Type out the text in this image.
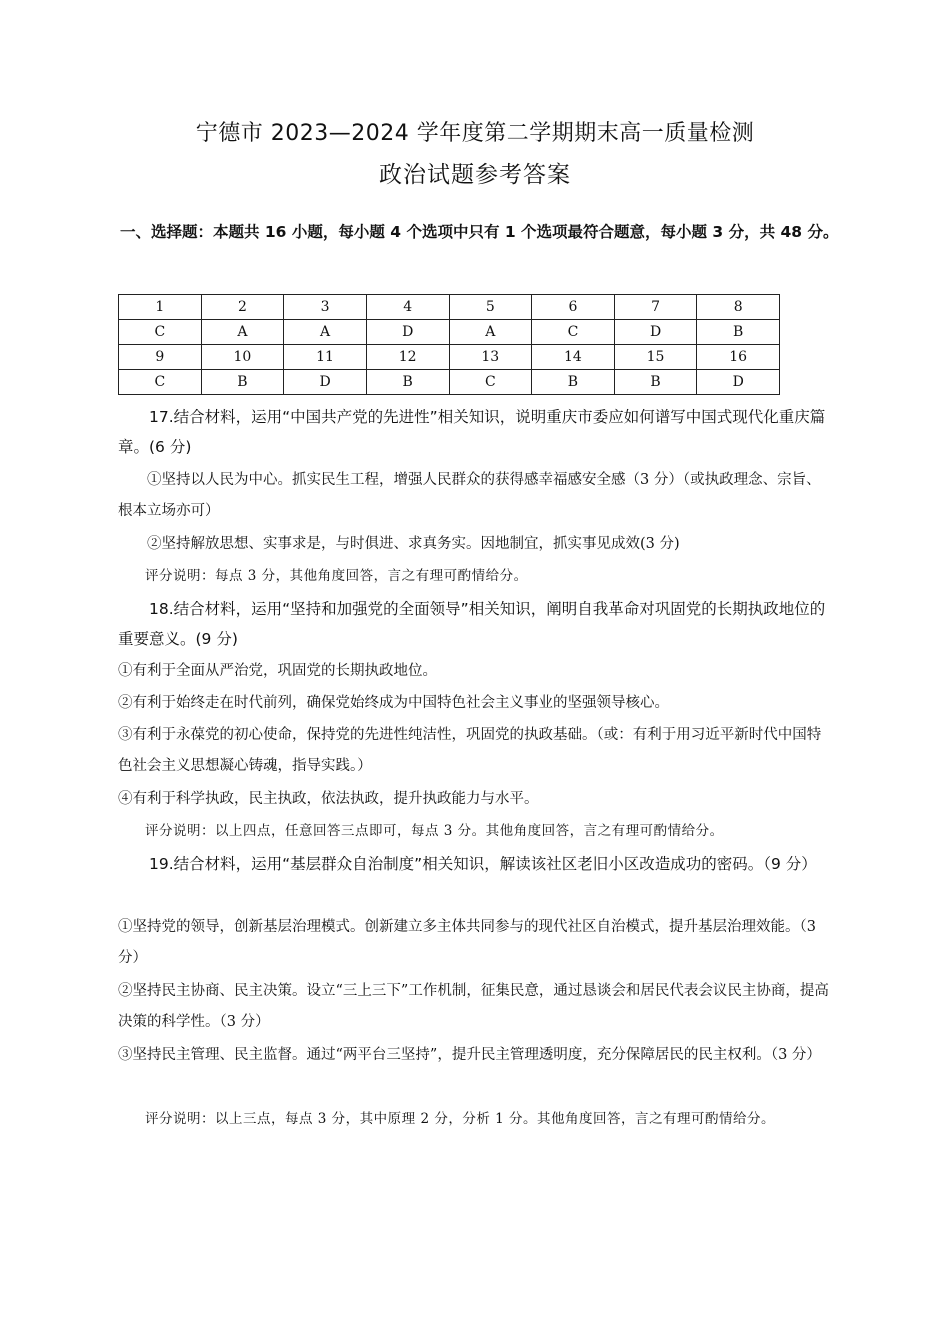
宁德市 2023—2024 学年度第二学期期末高一质量检测
政治试题参考答案
一、选择题：本题共 16 小题，每小题 4 个选项中只有 1 个选项最符合题意，每小题 3 分，共 48 分。
1	2	3	4	5	6	7	8
C	A	A	D	A	C	D	B
9	10	11	12	13	14	15	16
C	B	D	B	C	B	B	D
17.结合材料，运用“中国共产党的先进性”相关知识，说明重庆市委应如何谱写中国式现代化重庆篇章。(6 分)
①坚持以人民为中心。抓实民生工程，增强人民群众的获得感幸福感安全感（3 分）（或执政理念、宗旨、根本立场亦可）
②坚持解放思想、实事求是，与时俱进、求真务实。因地制宜，抓实事见成效(3 分)
评分说明：每点 3 分，其他角度回答，言之有理可酌情给分。
18.结合材料，运用“坚持和加强党的全面领导”相关知识，阐明自我革命对巩固党的长期执政地位的重要意义。(9 分)
①有利于全面从严治党，巩固党的长期执政地位。
②有利于始终走在时代前列，确保党始终成为中国特色社会主义事业的坚强领导核心。
③有利于永葆党的初心使命，保持党的先进性纯洁性，巩固党的执政基础。（或：有利于用习近平新时代中国特色社会主义思想凝心铸魂，指导实践。）
④有利于科学执政，民主执政，依法执政，提升执政能力与水平。
评分说明：以上四点，任意回答三点即可，每点 3 分。其他角度回答，言之有理可酌情给分。
19.结合材料，运用“基层群众自治制度”相关知识，解读该社区老旧小区改造成功的密码。（9 分）
①坚持党的领导，创新基层治理模式。创新建立多主体共同参与的现代社区自治模式，提升基层治理效能。（3 分）
②坚持民主协商、民主决策。设立“三上三下”工作机制，征集民意，通过恳谈会和居民代表会议民主协商，提高决策的科学性。（3 分）
③坚持民主管理、民主监督。通过“两平台三坚持”，提升民主管理透明度，充分保障居民的民主权利。（3 分）
评分说明：以上三点，每点 3 分，其中原理 2 分，分析 1 分。其他角度回答，言之有理可酌情给分。
